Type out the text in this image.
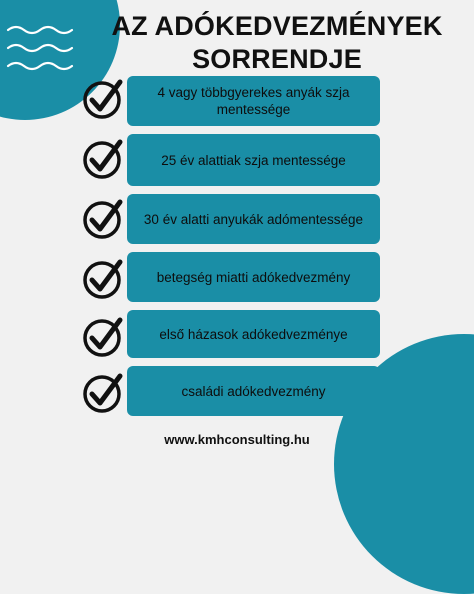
AZ ADÓKEDVEZMÉNYEK
SORRENDJE
4 vagy többgyerekes anyák szja mentessége
25 év alattiak szja mentessége
30 év alatti anyukák adómentessége
betegség miatti adókedvezmény
első házasok adókedvezménye
családi adókedvezmény
www.kmhconsulting.hu
